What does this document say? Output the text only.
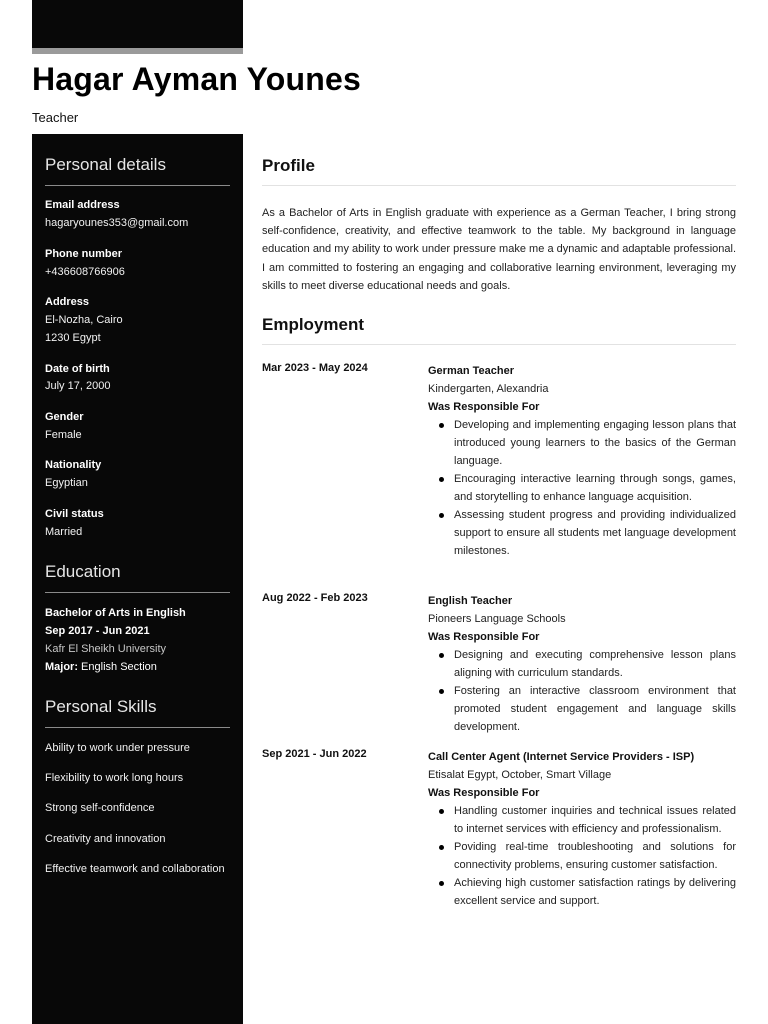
Hagar Ayman Younes
Teacher
Personal details
Email address
hagaryounes353@gmail.com
Phone number
+436608766906
Address
El-Nozha, Cairo
1230 Egypt
Date of birth
July 17, 2000
Gender
Female
Nationality
Egyptian
Civil status
Married
Education
Bachelor of Arts in English
Sep 2017 - Jun 2021
Kafr El Sheikh University
Major: English Section
Personal Skills
Ability to work under pressure
Flexibility to work long hours
Strong self-confidence
Creativity and innovation
Effective teamwork and collaboration
Profile

As a Bachelor of Arts in English graduate with experience as a German Teacher, I bring strong self-confidence, creativity, and effective teamwork to the table. My background in language education and my ability to work under pressure make me a dynamic and adaptable professional. I am committed to fostering an engaging and collaborative learning environment, leveraging my skills to meet diverse educational needs and goals.

Employment
Mar 2023 - May 2024	German Teacher
Kindergarten, Alexandria
Was Responsible For
Developing and implementing engaging lesson plans that introduced young learners to the basics of the German language.
Encouraging interactive learning through songs, games, and storytelling to enhance language acquisition.
Assessing student progress and providing individualized support to ensure all students met language development milestones.
Aug 2022 - Feb 2023	English Teacher
Pioneers Language Schools
Was Responsible For
Designing and executing comprehensive lesson plans aligning with curriculum standards.
Fostering an interactive classroom environment that promoted student engagement and language skills development.
Sep 2021 - Jun 2022	Call Center Agent (Internet Service Providers - ISP)
Etisalat Egypt, October, Smart Village
Was Responsible For
Handling customer inquiries and technical issues related to internet services with efficiency and professionalism.
Poviding real-time troubleshooting and solutions for connectivity problems, ensuring customer satisfaction.
Achieving high customer satisfaction ratings by delivering excellent service and support.
